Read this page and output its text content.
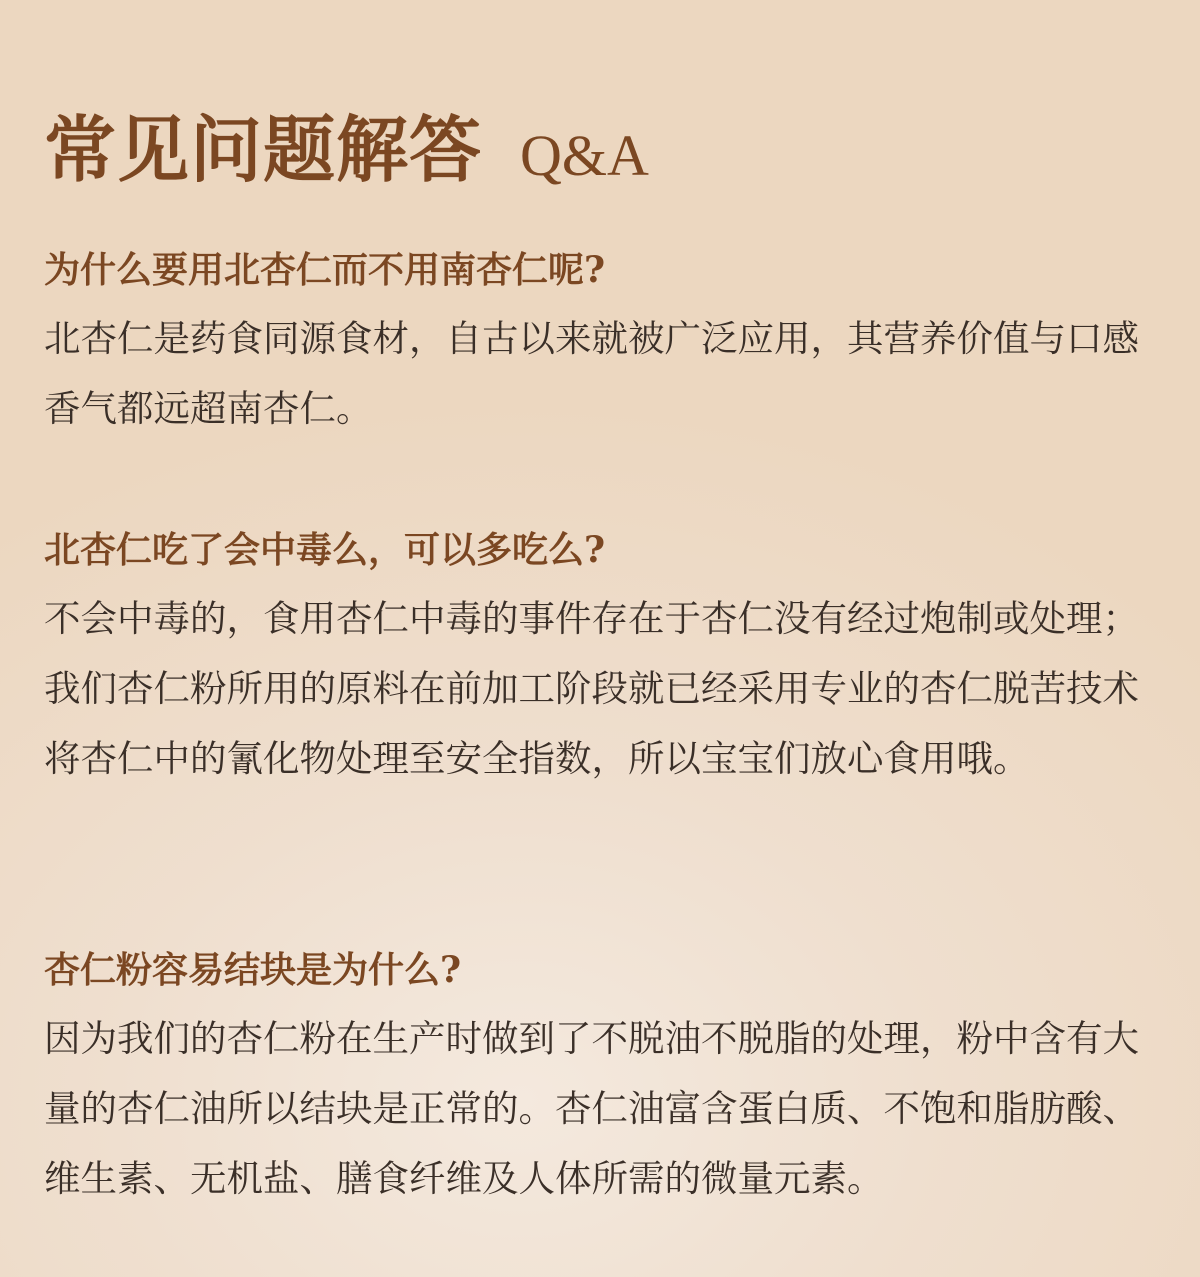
常见问题解答 Q&A

为什么要用北杏仁而不用南杏仁呢?

北杏仁是药食同源食材，自古以来就被广泛应用，其营养价值与口感香气都远超南杏仁。

北杏仁吃了会中毒么，可以多吃么?

不会中毒的，食用杏仁中毒的事件存在于杏仁没有经过炮制或处理；我们杏仁粉所用的原料在前加工阶段就已经采用专业的杏仁脱苦技术将杏仁中的氰化物处理至安全指数，所以宝宝们放心食用哦。

杏仁粉容易结块是为什么?

因为我们的杏仁粉在生产时做到了不脱油不脱脂的处理，粉中含有大量的杏仁油所以结块是正常的。杏仁油富含蛋白质、不饱和脂肪酸、维生素、无机盐、膳食纤维及人体所需的微量元素。
